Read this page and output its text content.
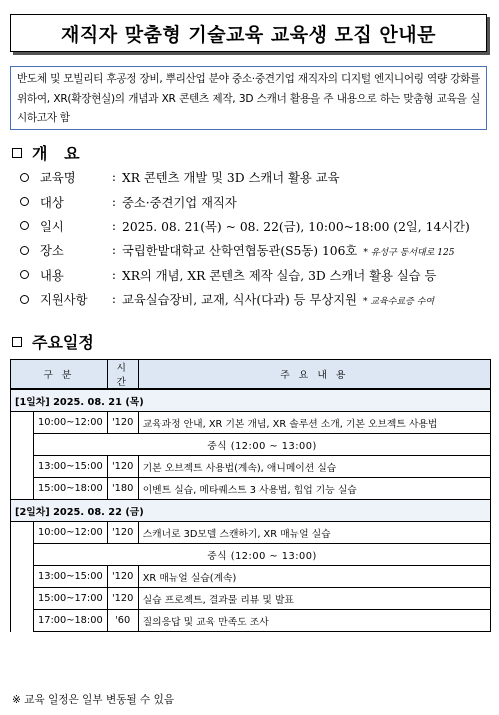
재직자 맞춤형 기술교육 교육생 모집 안내문
반도체 및 모빌리티 후공정 장비, 뿌리산업 분야 중소·중견기업 재직자의 디지털 엔지니어링 역량 강화를 위하여, XR(확장현실)의 개념과 XR 콘텐츠 제작, 3D 스캐너 활용을 주 내용으로 하는 맞춤형 교육을 실시하고자 함
개   요
교육명	: XR 콘텐츠 개발 및 3D 스캐너 활용 교육
대상	: 중소·중견기업 재직자
일시	: 2025. 08. 21(목) ~ 08. 22(금), 10:00~18:00 (2일, 14시간)
장소	: 국립한밭대학교 산학연협동관(S5동) 106호 * 유성구 동서대로 125
내용	: XR의 개념, XR 콘텐츠 제작 실습, 3D 스캐너 활용 실습 등
지원사항	: 교육실습장비, 교재, 식사(다과) 등 무상지원 * 교육수료증 수여
주요일정
구 분		시 간	주 요 내 용
[1일차] 2025. 08. 21 (목)			
	10:00~12:00	'120	교육과정 안내, XR 기본 개념, XR 솔루션 소개, 기본 오브젝트 사용법
	중식 (12:00 ~ 13:00)		
	13:00~15:00	'120	기본 오브젝트 사용법(계속), 애니메이션 실습
	15:00~18:00	'180	이벤트 실습, 메타퀘스트 3 사용법, 힙업 기능 실습
[2일차] 2025. 08. 22 (금)			
	10:00~12:00	'120	스캐너로 3D모델 스캔하기, XR 매뉴얼 실습
	중식 (12:00 ~ 13:00)		
	13:00~15:00	'120	XR 매뉴얼 실습(계속)
	15:00~17:00	'120	실습 프로젝트, 결과물 리뷰 및 발표
	17:00~18:00	'60	질의응답 및 교육 만족도 조사
※ 교육 일정은 일부 변동될 수 있음
